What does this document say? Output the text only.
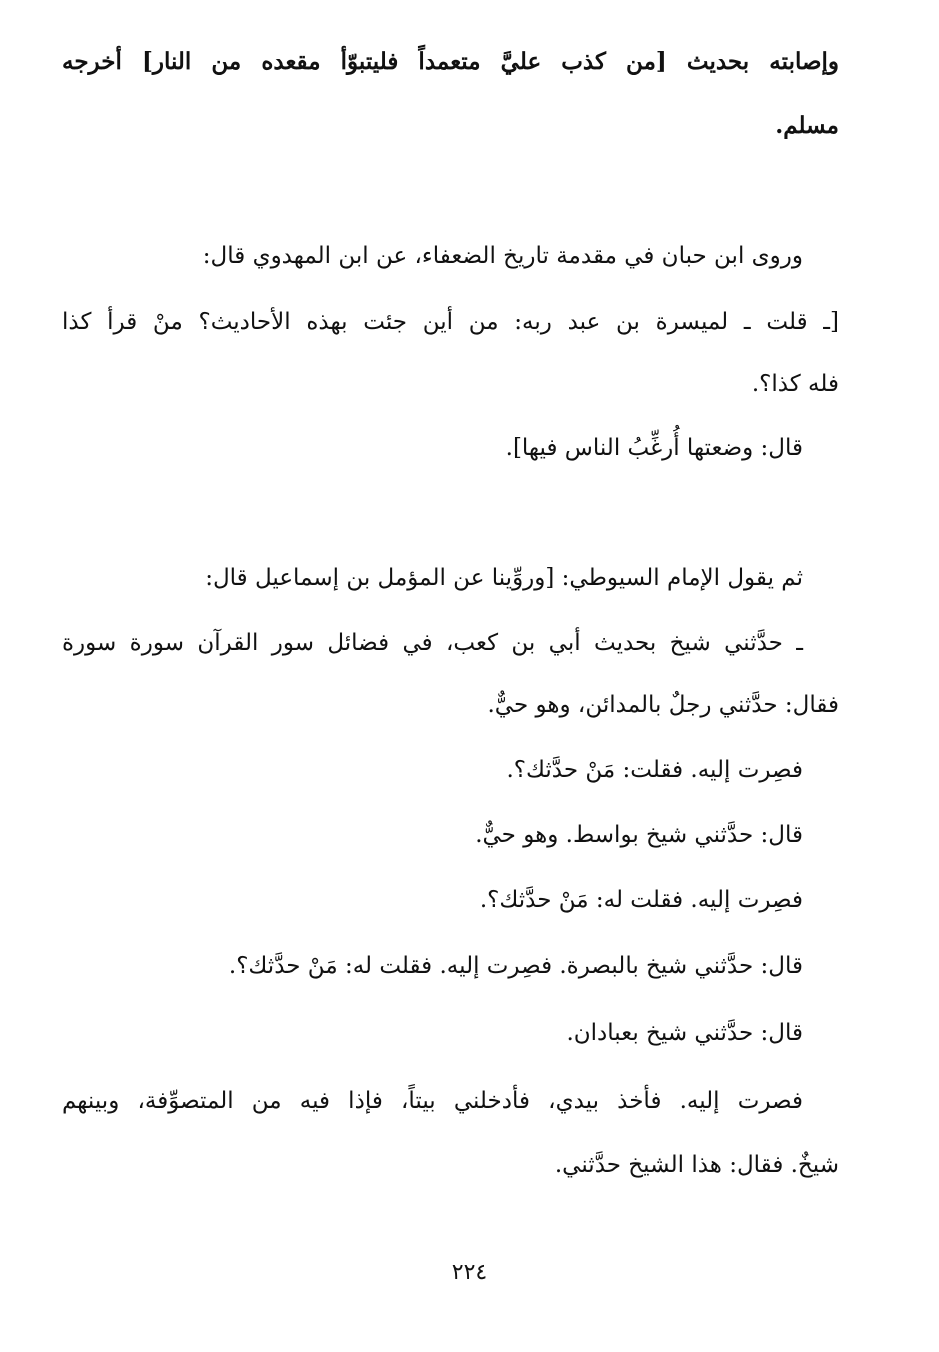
وإصابته بحديث [من كذب عليَّ متعمداً فليتبوّأ مقعده من النار] أخرجه
مسلم.
وروى ابن حبان في مقدمة تاريخ الضعفاء، عن ابن المهدوي قال:
[ـ قلت ـ لميسرة بن عبد ربه: من أين جئت بهذه الأحاديث؟ منْ قرأ كذا
فله كذا؟.
قال: وضعتها أُرغِّبُ الناس فيها].
ثم يقول الإمام السيوطي: [وروِّينا عن المؤمل بن إسماعيل قال:
ـ حدَّثني شيخ بحديث أبي بن كعب، في فضائل سور القرآن سورة سورة
فقال: حدَّثني رجلٌ بالمدائن، وهو حيٌّ.
فصِرت إليه. فقلت: مَنْ حدَّثك؟.
قال: حدَّثني شيخ بواسط. وهو حيٌّ.
فصِرت إليه. فقلت له: مَنْ حدَّثك؟.
قال: حدَّثني شيخ بالبصرة. فصِرت إليه. فقلت له: مَنْ حدَّثك؟.
قال: حدَّثني شيخ بعبادان.
فصرت إليه. فأخذ بيدي، فأدخلني بيتاً، فإذا فيه من المتصوِّفة، وبينهم
شيخٌ. فقال: هذا الشيخ حدَّثني.
٢٢٤
